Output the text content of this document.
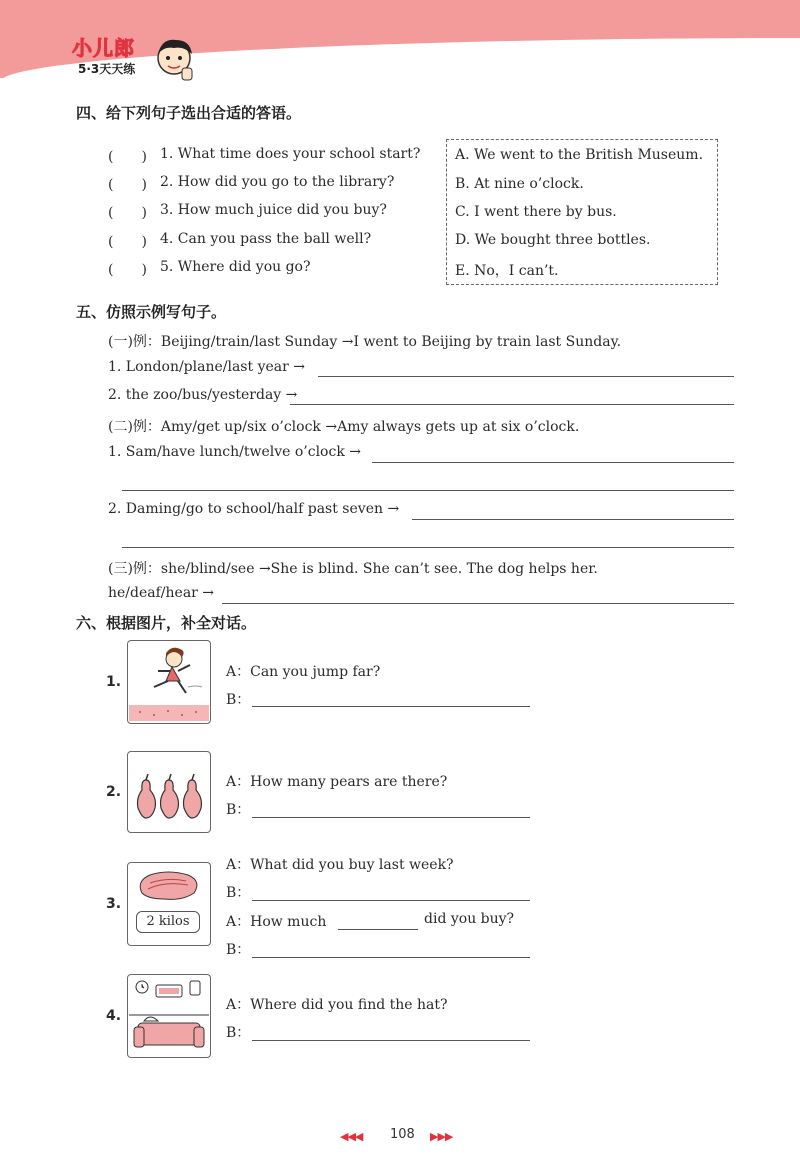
小儿郎
5·3天天练
四、给下列句子选出合适的答语。
(　　) 1. What time does your school start?
(　　) 2. How did you go to the library?
(　　) 3. How much juice did you buy?
(　　) 4. Can you pass the ball well?
(　　) 5. Where did you go?
A. We went to the British Museum.
B. At nine o’clock.
C. I went there by bus.
D. We bought three bottles.
E. No，I can’t.
五、仿照示例写句子。
(一)例：Beijing/train/last Sunday →I went to Beijing by train last Sunday.
1. London/plane/last year →
2. the zoo/bus/yesterday →
(二)例：Amy/get up/six o’clock →Amy always gets up at six o’clock.
1. Sam/have lunch/twelve o’clock →
2. Daming/go to school/half past seven →
(三)例：she/blind/see →She is blind. She can’t see. The dog helps her.
he/deaf/hear →
六、根据图片，补全对话。
1.
A：Can you jump far?
B：
2.
A：How many pears are there?
B：
3.
2 kilos
A：What did you buy last week?
B：
A：How much	did you buy?
B：
4.
A：Where did you find the hat?
B：
◀◀◀ 108 ▶▶▶
